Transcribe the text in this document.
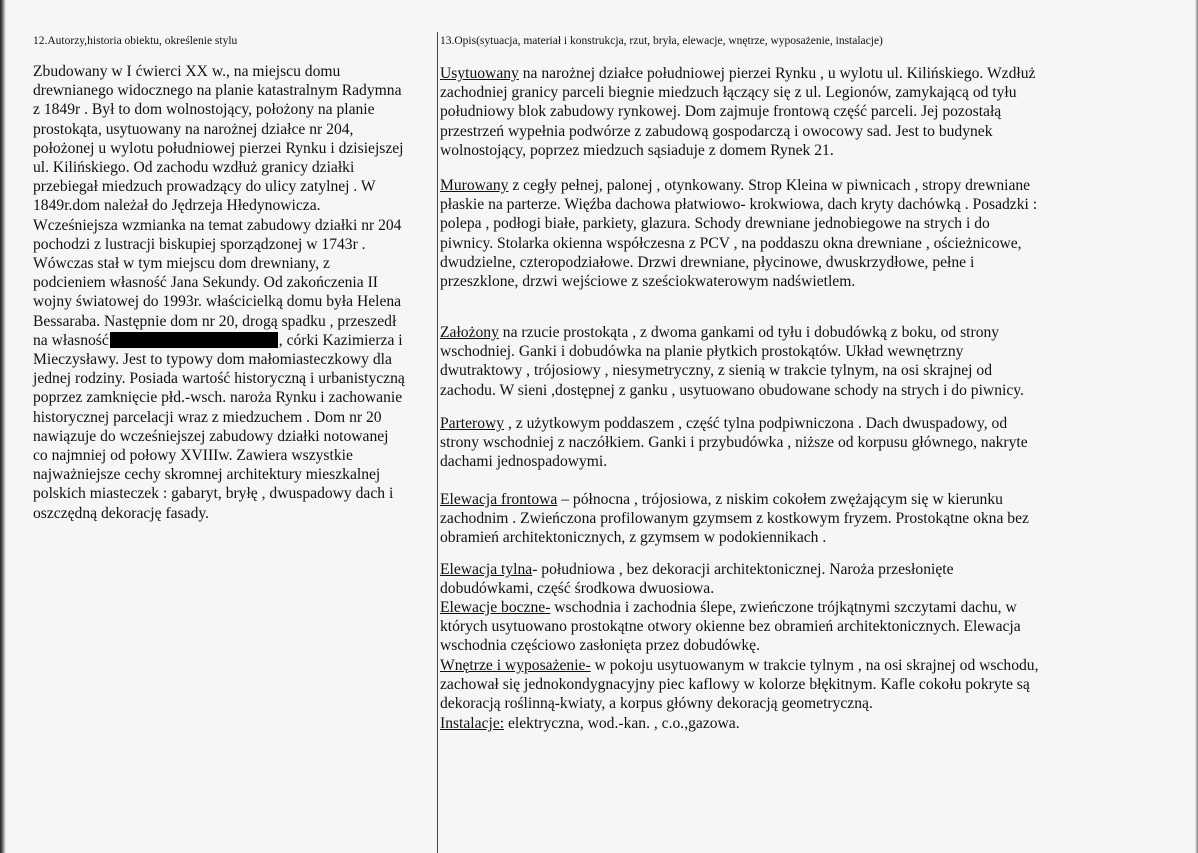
12.Autorzy,historia obiektu, określenie stylu	13.Opis(sytuacja, materiał i konstrukcja, rzut, bryła, elewacje, wnętrze, wyposażenie, instalacje)
Zbudowany w I ćwierci XX w., na miejscu domu
drewnianego widocznego na planie katastralnym Radymna
z 1849r . Był to dom wolnostojący, położony na planie
prostokąta, usytuowany na narożnej działce nr 204,
położonej u wylotu południowej pierzei Rynku i dzisiejszej
ul. Kilińskiego. Od zachodu wzdłuż granicy działki
przebiegał miedzuch prowadzący do ulicy zatylnej . W
1849r.dom należał do Jędrzeja Hłedynowicza.
Wcześniejsza wzmianka na temat zabudowy działki nr 204
pochodzi z lustracji biskupiej sporządzonej w 1743r .
Wówczas stał w tym miejscu dom drewniany, z
podcieniem własność Jana Sekundy. Od zakończenia II
wojny światowej do 1993r. właścicielką domu była Helena
Bessaraba. Następnie dom nr 20, drogą spadku , przeszedł
na własność	, córki Kazimierza i
Mieczysławy. Jest to typowy dom małomiasteczkowy dla
jednej rodziny. Posiada wartość historyczną i urbanistyczną
poprzez zamknięcie płd.-wsch. naroża Rynku i zachowanie
historycznej parcelacji wraz z miedzuchem . Dom nr 20
nawiązuje do wcześniejszej zabudowy działki notowanej
co najmniej od połowy XVIIIw. Zawiera wszystkie
najważniejsze cechy skromnej architektury mieszkalnej
polskich miasteczek : gabaryt, bryłę , dwuspadowy dach i
oszczędną dekorację fasady.
Usytuowany na narożnej działce południowej pierzei Rynku , u wylotu ul. Kilińskiego. Wzdłuż
zachodniej granicy parceli biegnie miedzuch łączący się z ul. Legionów, zamykającą od tyłu
południowy blok zabudowy rynkowej. Dom zajmuje frontową część parceli. Jej pozostałą
przestrzeń wypełnia podwórze z zabudową gospodarczą i owocowy sad. Jest to budynek
wolnostojący, poprzez miedzuch sąsiaduje z domem Rynek 21.
Murowany z cegły pełnej, palonej , otynkowany. Strop Kleina w piwnicach , stropy drewniane
płaskie na parterze. Więźba dachowa płatwiowo- krokwiowa, dach kryty dachówką . Posadzki :
polepa , podłogi białe, parkiety, glazura. Schody drewniane jednobiegowe na strych i do
piwnicy. Stolarka okienna współczesna z PCV , na poddaszu okna drewniane , ościeżnicowe,
dwudzielne, czteropodziałowe. Drzwi drewniane, płycinowe, dwuskrzydłowe, pełne i
przeszklone, drzwi wejściowe z sześciokwaterowym nadświetlem.
Założony na rzucie prostokąta , z dwoma gankami od tyłu i dobudówką z boku, od strony
wschodniej. Ganki i dobudówka na planie płytkich prostokątów. Układ wewnętrzny
dwutraktowy , trójosiowy , niesymetryczny, z sienią w trakcie tylnym, na osi skrajnej od
zachodu. W sieni ,dostępnej z ganku , usytuowano obudowane schody na strych i do piwnicy.
Parterowy , z użytkowym poddaszem , część tylna podpiwniczona . Dach dwuspadowy, od
strony wschodniej z naczółkiem. Ganki i przybudówka , niższe od korpusu głównego, nakryte
dachami jednospadowymi.
Elewacja frontowa – północna , trójosiowa, z niskim cokołem zwężającym się w kierunku
zachodnim . Zwieńczona profilowanym gzymsem z kostkowym fryzem. Prostokątne okna bez
obramień architektonicznych, z gzymsem w podokiennikach .
Elewacja tylna- południowa , bez dekoracji architektonicznej. Naroża przesłonięte
dobudówkami, część środkowa dwuosiowa.
Elewacje boczne- wschodnia i zachodnia ślepe, zwieńczone trójkątnymi szczytami dachu, w
których usytuowano prostokątne otwory okienne bez obramień architektonicznych. Elewacja
wschodnia częściowo zasłonięta przez dobudówkę.
Wnętrze i wyposażenie- w pokoju usytuowanym w trakcie tylnym , na osi skrajnej od wschodu,
zachował się jednokondygnacyjny piec kaflowy w kolorze błękitnym. Kafle cokołu pokryte są
dekoracją roślinną-kwiaty, a korpus główny dekoracją geometryczną.
Instalacje: elektryczna, wod.-kan. , c.o.,gazowa.
